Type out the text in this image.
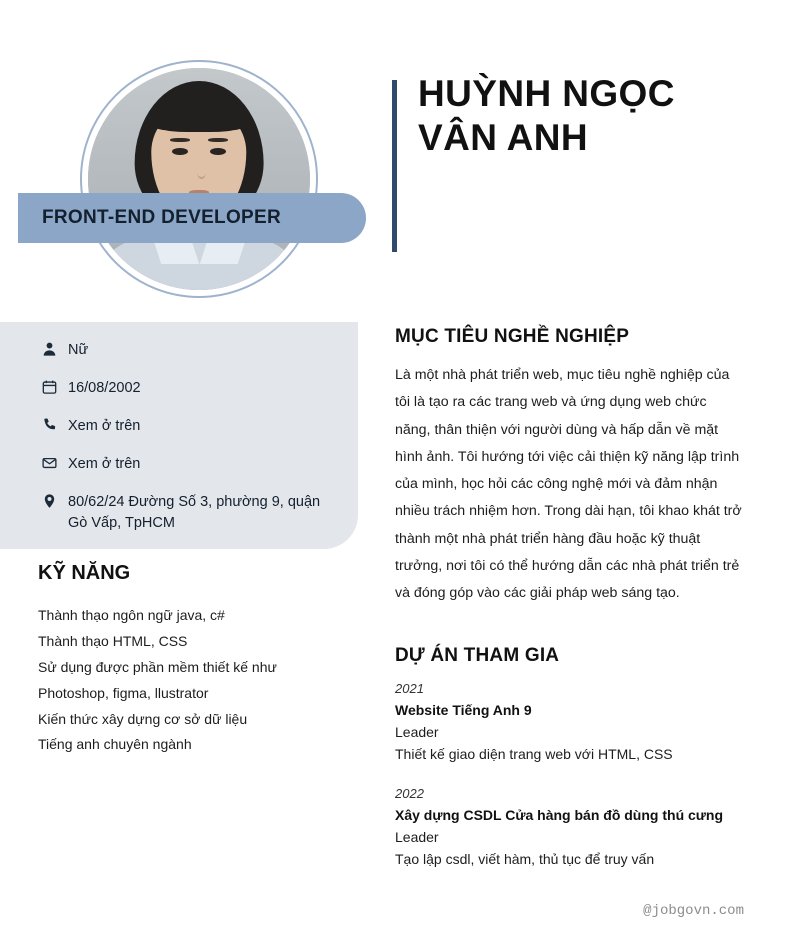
HUỲNH NGỌC VÂN ANH
FRONT-END DEVELOPER
Nữ
16/08/2002
Xem ở trên
Xem ở trên
80/62/24 Đường Số 3, phường 9, quận Gò Vấp, TpHCM
KỸ NĂNG
Thành thạo ngôn ngữ java, c#
Thành thạo HTML, CSS
Sử dụng được phần mềm thiết kế như Photoshop, figma, llustrator
Kiến thức xây dựng cơ sở dữ liệu
Tiếng anh chuyên ngành
MỤC TIÊU NGHỀ NGHIỆP

Là một nhà phát triển web, mục tiêu nghề nghiệp của tôi là tạo ra các trang web và ứng dụng web chức năng, thân thiện với người dùng và hấp dẫn về mặt hình ảnh. Tôi hướng tới việc cải thiện kỹ năng lập trình của mình, học hỏi các công nghệ mới và đảm nhận nhiều trách nhiệm hơn. Trong dài hạn, tôi khao khát trở thành một nhà phát triển hàng đầu hoặc kỹ thuật trưởng, nơi tôi có thể hướng dẫn các nhà phát triển trẻ và đóng góp vào các giải pháp web sáng tạo.

DỰ ÁN THAM GIA
2021
Website Tiếng Anh 9
Leader
Thiết kế giao diện trang web với HTML, CSS
2022
Xây dựng CSDL Cửa hàng bán đồ dùng thú cưng
Leader
Tạo lập csdl, viết hàm, thủ tục để truy vấn
@jobgovn.com
